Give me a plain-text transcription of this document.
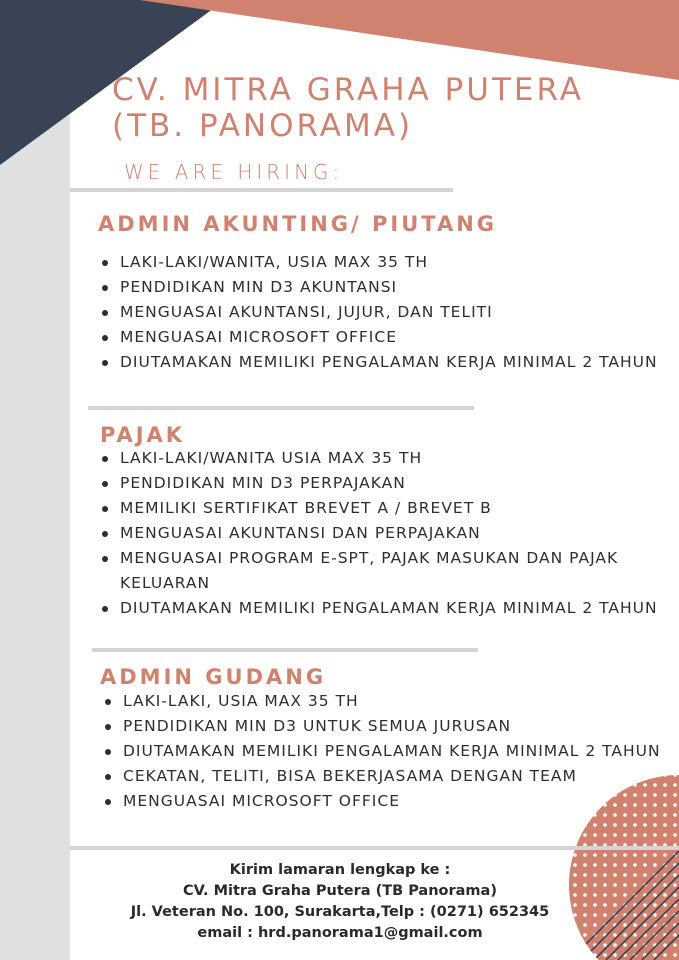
CV. MITRA GRAHA PUTERA
(TB. PANORAMA)
WE ARE HIRING:
ADMIN AKUNTING/ PIUTANG
LAKI-LAKI/WANITA, USIA MAX 35 TH
PENDIDIKAN MIN D3 AKUNTANSI
MENGUASAI AKUNTANSI, JUJUR, DAN TELITI
MENGUASAI MICROSOFT OFFICE
DIUTAMAKAN MEMILIKI PENGALAMAN KERJA MINIMAL 2 TAHUN
PAJAK
LAKI-LAKI/WANITA USIA MAX 35 TH
PENDIDIKAN MIN D3 PERPAJAKAN
MEMILIKI SERTIFIKAT BREVET A / BREVET B
MENGUASAI AKUNTANSI DAN PERPAJAKAN
MENGUASAI PROGRAM E-SPT, PAJAK MASUKAN DAN PAJAK KELUARAN
DIUTAMAKAN MEMILIKI PENGALAMAN KERJA MINIMAL 2 TAHUN
ADMIN GUDANG
LAKI-LAKI, USIA MAX 35 TH
PENDIDIKAN MIN D3 UNTUK SEMUA JURUSAN
DIUTAMAKAN MEMILIKI PENGALAMAN KERJA MINIMAL 2 TAHUN
CEKATAN, TELITI, BISA BEKERJASAMA DENGAN TEAM
MENGUASAI MICROSOFT OFFICE
Kirim lamaran lengkap ke :
CV. Mitra Graha Putera (TB Panorama)
Jl. Veteran No. 100, Surakarta,Telp : (0271) 652345
email : hrd.panorama1@gmail.com
